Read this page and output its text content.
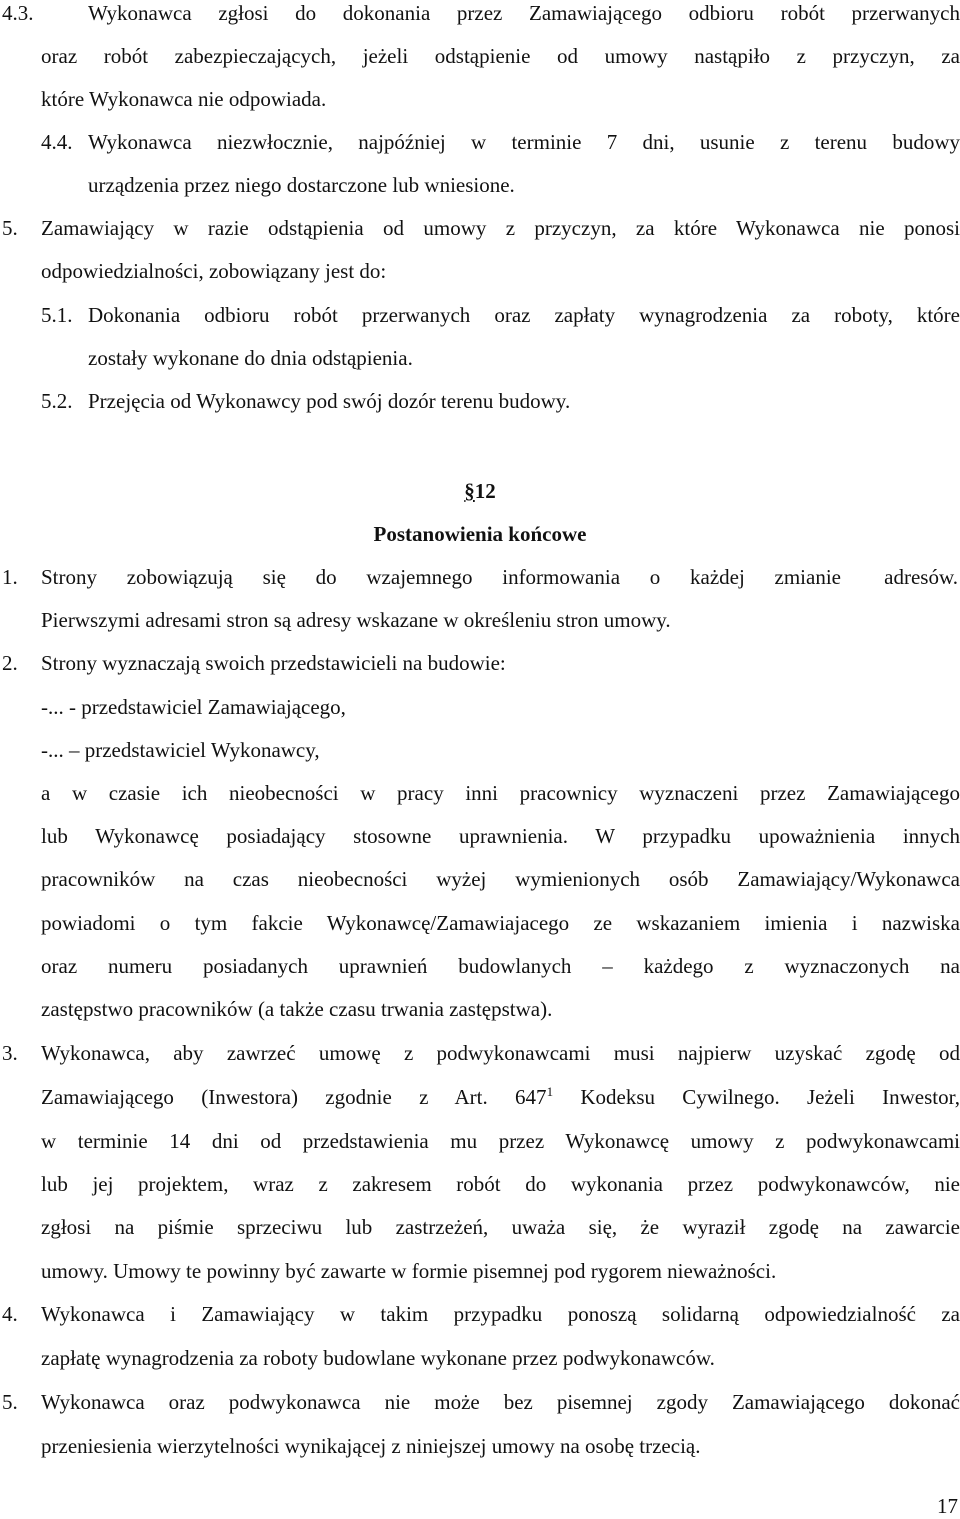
4.3.	Wykonawca zgłosi do dokonania przez Zamawiającego odbioru robót przerwanych
oraz robót zabezpieczających, jeżeli odstąpienie od umowy nastąpiło z przyczyn, za
które Wykonawca nie odpowiada.
4.4. Wykonawca niezwłocznie, najpóźniej w terminie 7 dni, usunie z terenu budowy
urządzenia przez niego dostarczone lub wniesione.
5. Zamawiający w razie odstąpienia od umowy z przyczyn, za które Wykonawca nie ponosi
odpowiedzialności, zobowiązany jest do:
5.1. Dokonania odbioru robót przerwanych oraz zapłaty wynagrodzenia za roboty, które
zostały wykonane do dnia odstąpienia.
5.2. Przejęcia od Wykonawcy pod swój dozór terenu budowy.
§12
Postanowienia końcowe
1. Strony zobowiązują się do wzajemnego informowania o każdej zmianie adresów.
Pierwszymi adresami stron są adresy wskazane w określeniu stron umowy.
2. Strony wyznaczają swoich przedstawicieli na budowie:
-... - przedstawiciel Zamawiającego,
-... – przedstawiciel Wykonawcy,
a w czasie ich nieobecności w pracy inni pracownicy wyznaczeni przez Zamawiającego
lub Wykonawcę posiadający stosowne uprawnienia. W przypadku upoważnienia innych
pracowników na czas nieobecności wyżej wymienionych osób Zamawiający/Wykonawca
powiadomi o tym fakcie Wykonawcę/Zamawiajacego ze wskazaniem imienia i nazwiska
oraz numeru posiadanych uprawnień budowlanych – każdego z wyznaczonych na
zastępstwo pracowników (a także czasu trwania zastępstwa).
3. Wykonawca, aby zawrzeć umowę z podwykonawcami musi najpierw uzyskać zgodę od
Zamawiającego (Inwestora) zgodnie z Art. $647^1$ Kodeksu Cywilnego. Jeżeli Inwestor,
w terminie 14 dni od przedstawienia mu przez Wykonawcę umowy z podwykonawcami
lub jej projektem, wraz z zakresem robót do wykonania przez podwykonawców, nie
zgłosi na piśmie sprzeciwu lub zastrzeżeń, uważa się, że wyraził zgodę na zawarcie
umowy. Umowy te powinny być zawarte w formie pisemnej pod rygorem nieważności.
4. Wykonawca i Zamawiający w takim przypadku ponoszą solidarną odpowiedzialność za
zapłatę wynagrodzenia za roboty budowlane wykonane przez podwykonawców.
5. Wykonawca oraz podwykonawca nie może bez pisemnej zgody Zamawiającego dokonać
przeniesienia wierzytelności wynikającej z niniejszej umowy na osobę trzecią.
17
